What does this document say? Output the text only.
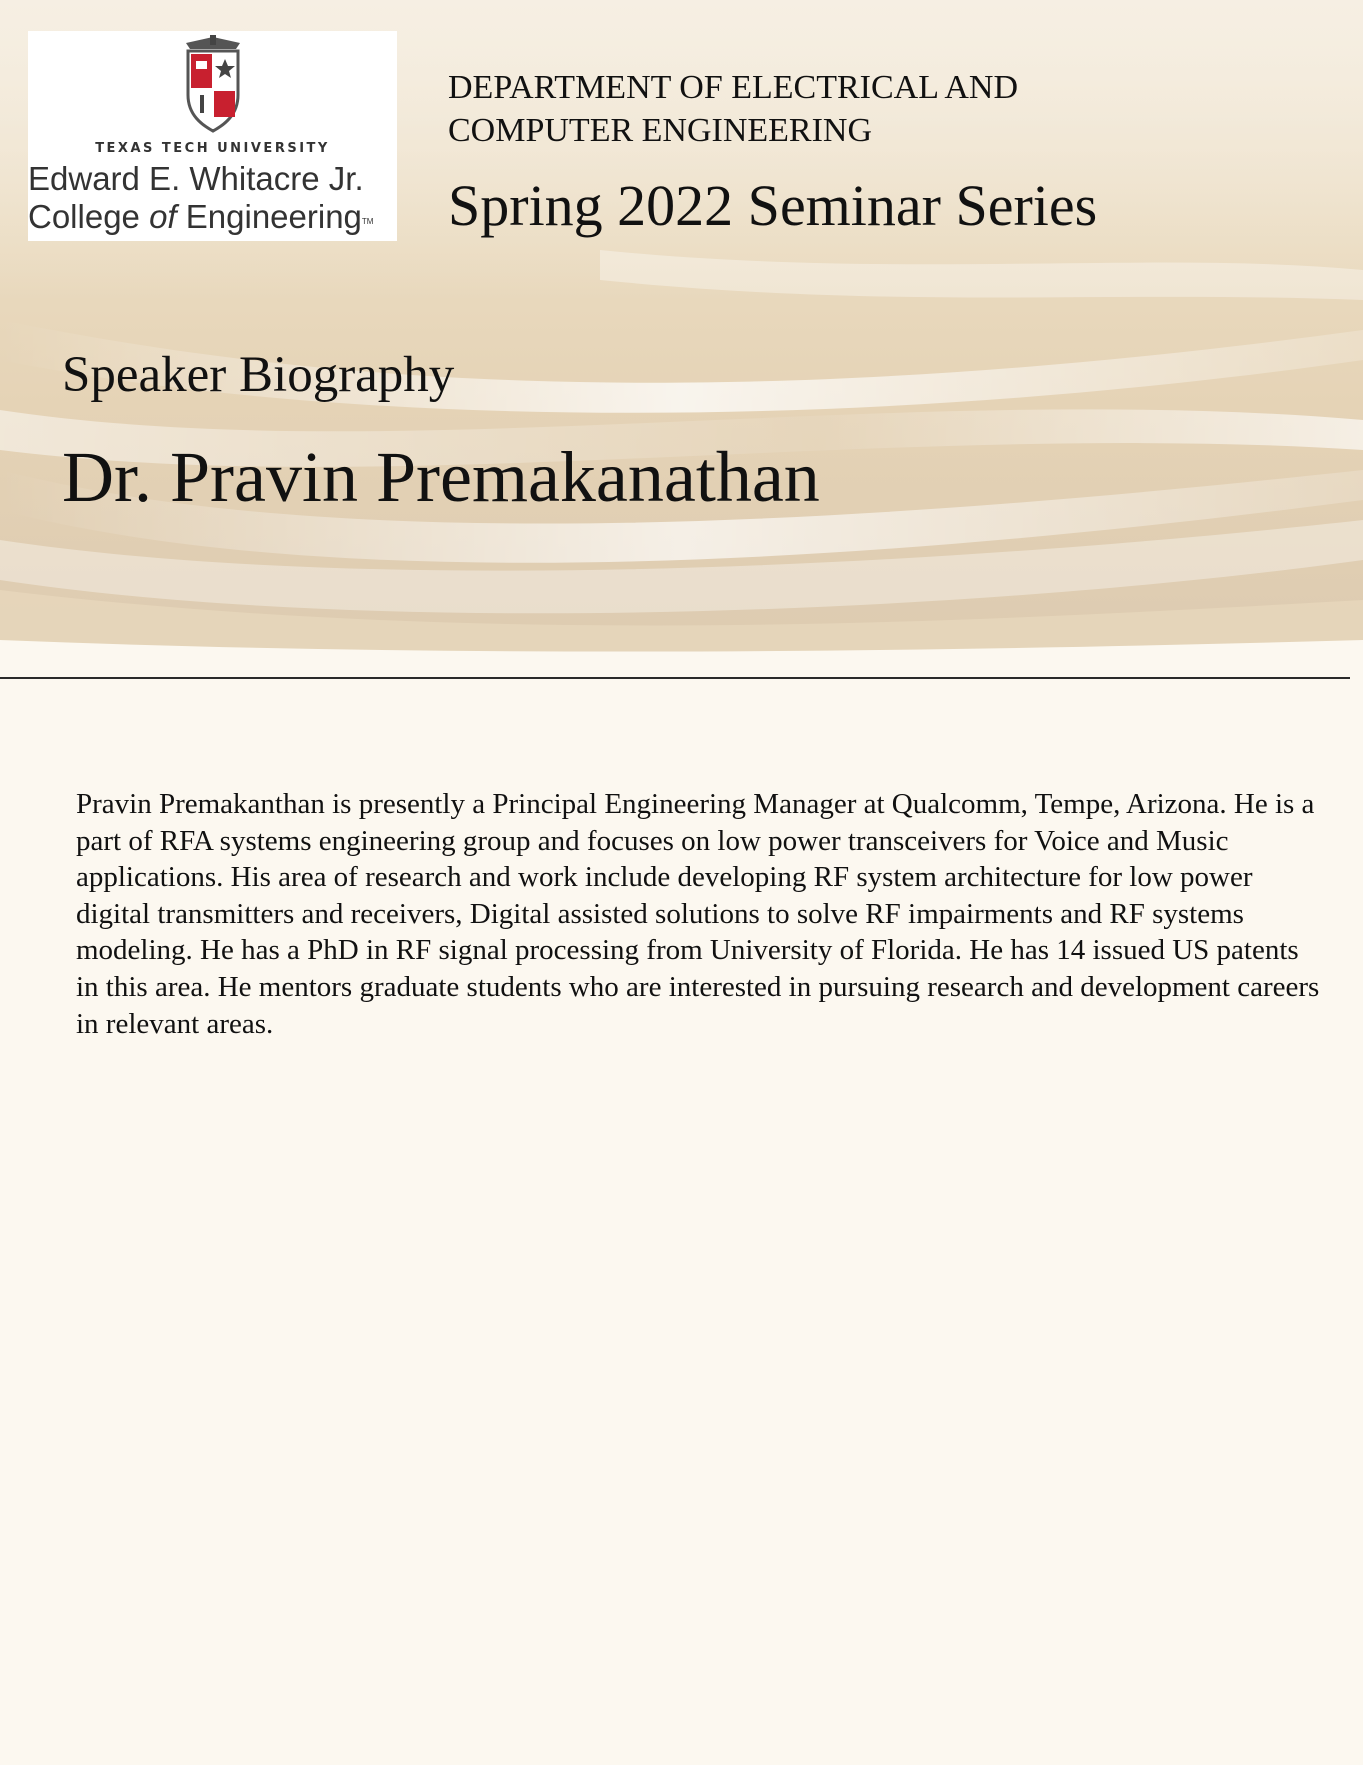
TEXAS TECH UNIVERSITY
Edward E. Whitacre Jr.
College of EngineeringTM
DEPARTMENT OF ELECTRICAL AND
COMPUTER ENGINEERING
Spring 2022 Seminar Series
Speaker Biography
Dr. Pravin Premakanathan
Pravin Premakanthan is presently a Principal Engineering Manager at Qualcomm, Tempe, Arizona. He is a part of RFA systems engineering group and focuses on low power transceivers for Voice and Music applications. His area of research and work include developing RF system architecture for low power digital transmitters and receivers, Digital assisted solutions to solve RF impairments and RF systems modeling. He has a PhD in RF signal processing from University of Florida. He has 14 issued US patents in this area. He mentors graduate students who are interested in pursuing research and development careers in relevant areas.
